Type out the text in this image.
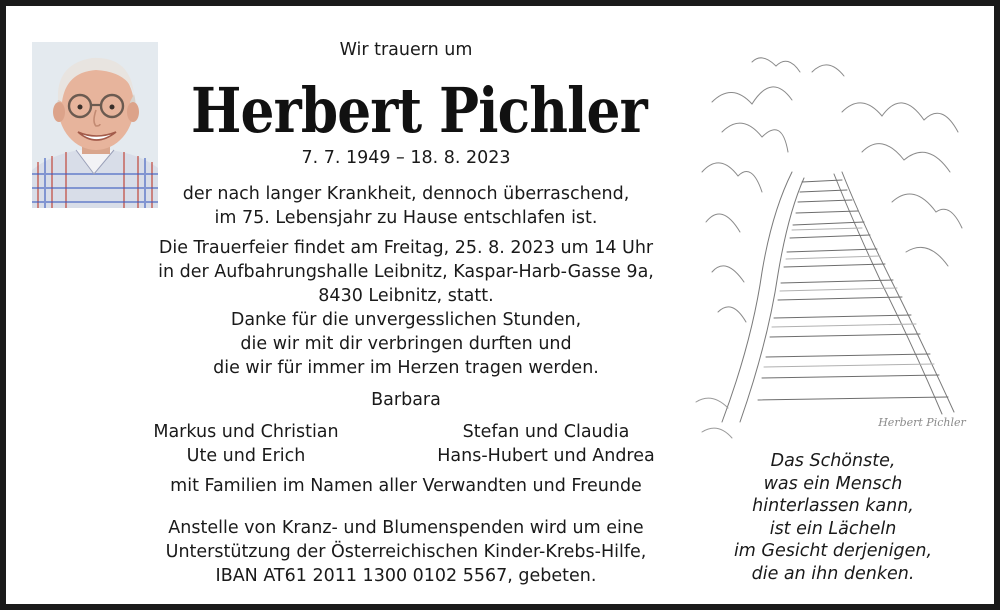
Wir trauern um
Herbert Pichler
7. 7. 1949 – 18. 8. 2023
der nach langer Krankheit, dennoch überraschend,
im 75. Lebensjahr zu Hause entschlafen ist.
Die Trauerfeier findet am Freitag, 25. 8. 2023 um 14 Uhr
in der Aufbahrungshalle Leibnitz, Kaspar-Harb-Gasse 9a,
8430 Leibnitz, statt.
Danke für die unvergesslichen Stunden,
die wir mit dir verbringen durften und
die wir für immer im Herzen tragen werden.
Barbara
Markus und Christian
Ute und Erich
Stefan und Claudia
Hans-Hubert und Andrea
mit Familien im Namen aller Verwandten und Freunde
Anstelle von Kranz- und Blumenspenden wird um eine
Unterstützung der Österreichischen Kinder-Krebs-Hilfe,
IBAN AT61 2011 1300 0102 5567, gebeten.
Herbert Pichler
Das Schönste,
was ein Mensch
hinterlassen kann,
ist ein Lächeln
im Gesicht derjenigen,
die an ihn denken.
